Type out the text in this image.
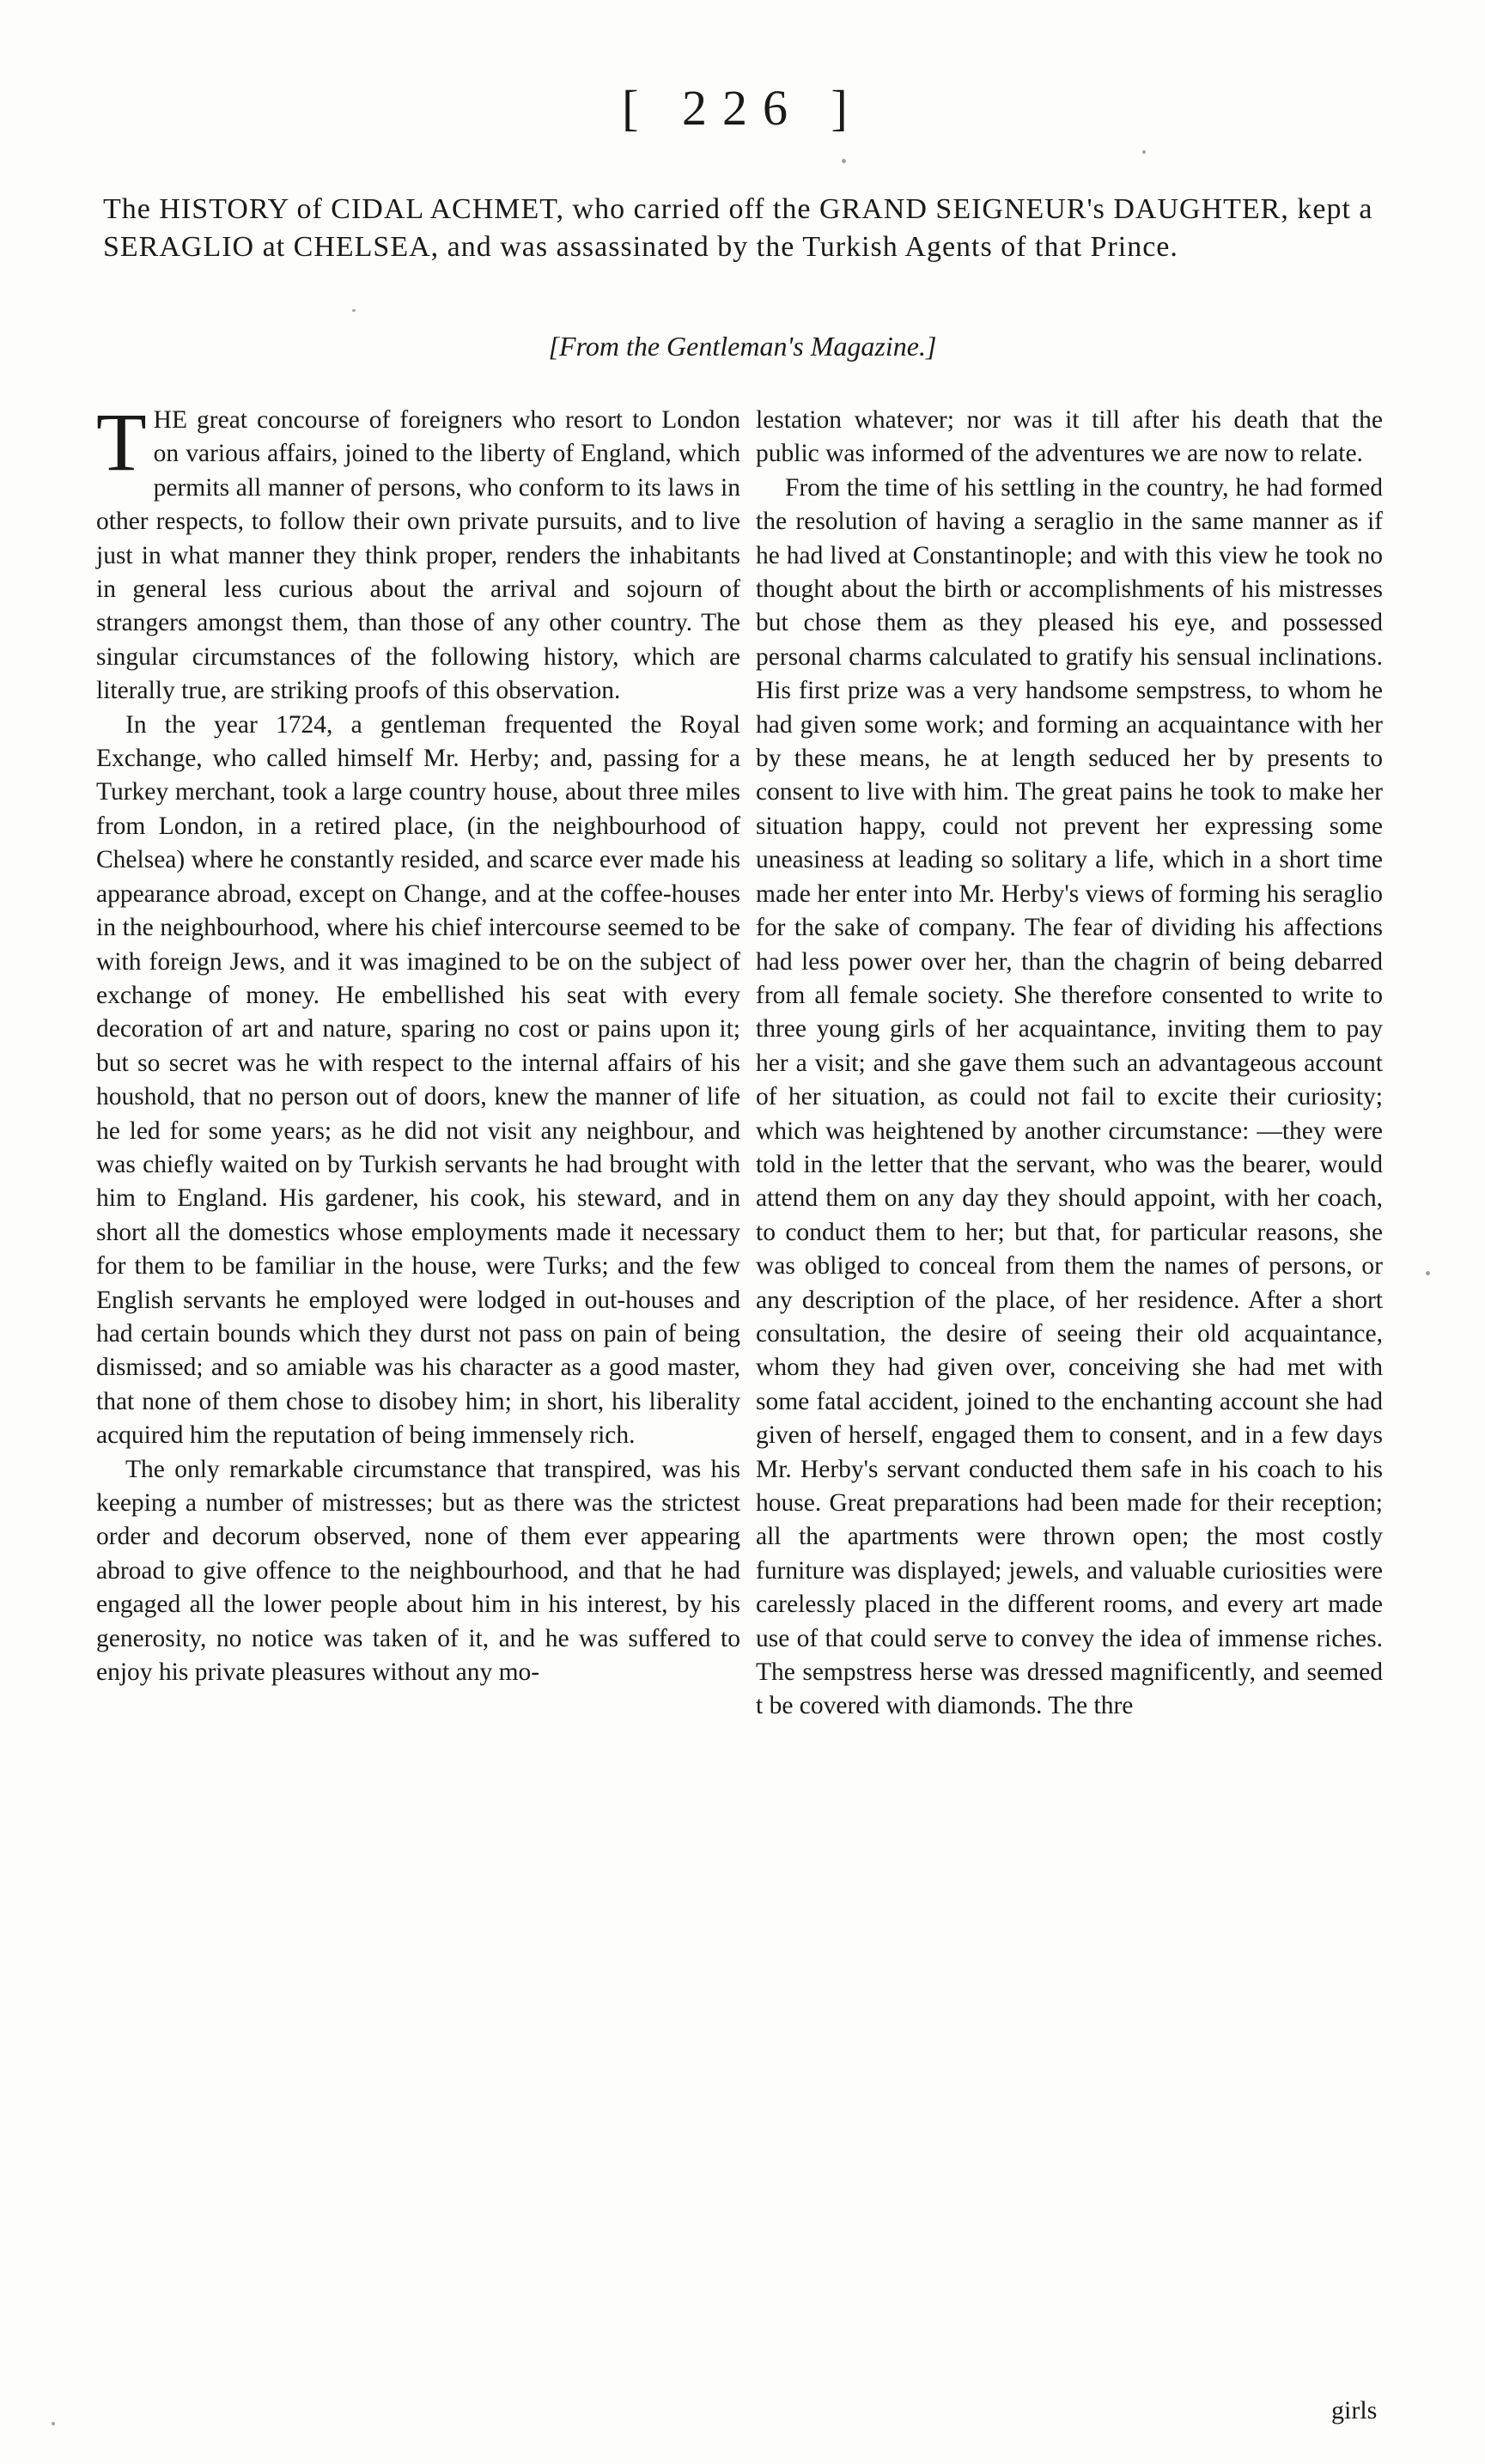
[ 226 ]
The HISTORY of CIDAL ACHMET, who carried off the GRAND SEIGNEUR's DAUGHTER, kept a SERAGLIO at CHELSEA, and was assassinated by the Turkish Agents of that Prince.
[From the Gentleman's Magazine.]

THE great concourse of foreigners who resort to London on various affairs, joined to the liberty of England, which permits all manner of persons, who conform to its laws in other respects, to follow their own private pursuits, and to live just in what manner they think proper, renders the inhabitants in general less curious about the arrival and sojourn of strangers amongst them, than those of any other country. The singular circumstances of the following history, which are literally true, are striking proofs of this observation.

In the year 1724, a gentleman frequented the Royal Exchange, who called himself Mr. Herby; and, passing for a Turkey merchant, took a large country house, about three miles from London, in a retired place, (in the neighbourhood of Chelsea) where he constantly resided, and scarce ever made his appearance abroad, except on Change, and at the coffee-houses in the neighbourhood, where his chief intercourse seemed to be with foreign Jews, and it was imagined to be on the subject of exchange of money. He embellished his seat with every decoration of art and nature, sparing no cost or pains upon it; but so secret was he with respect to the internal affairs of his houshold, that no person out of doors, knew the manner of life he led for some years; as he did not visit any neighbour, and was chiefly waited on by Turkish servants he had brought with him to England. His gardener, his cook, his steward, and in short all the domestics whose employments made it necessary for them to be familiar in the house, were Turks; and the few English servants he employed were lodged in out-houses and had certain bounds which they durst not pass on pain of being dismissed; and so amiable was his character as a good master, that none of them chose to disobey him; in short, his liberality acquired him the reputation of being immensely rich.

The only remarkable circumstance that transpired, was his keeping a number of mistresses; but as there was the strictest order and decorum observed, none of them ever appearing abroad to give offence to the neighbourhood, and that he had engaged all the lower people about him in his interest, by his generosity, no notice was taken of it, and he was suffered to enjoy his private pleasures without any mo-

lestation whatever; nor was it till after his death that the public was informed of the adventures we are now to relate.

From the time of his settling in the country, he had formed the resolution of having a seraglio in the same manner as if he had lived at Constantinople; and with this view he took no thought about the birth or accomplishments of his mistresses but chose them as they pleased his eye, and possessed personal charms calculated to gratify his sensual inclinations. His first prize was a very handsome sempstress, to whom he had given some work; and forming an acquaintance with her by these means, he at length seduced her by presents to consent to live with him. The great pains he took to make her situation happy, could not prevent her expressing some uneasiness at leading so solitary a life, which in a short time made her enter into Mr. Herby's views of forming his seraglio for the sake of company. The fear of dividing his affections had less power over her, than the chagrin of being debarred from all female society. She therefore consented to write to three young girls of her acquaintance, inviting them to pay her a visit; and she gave them such an advantageous account of her situation, as could not fail to excite their curiosity; which was heightened by another circumstance: —they were told in the letter that the servant, who was the bearer, would attend them on any day they should appoint, with her coach, to conduct them to her; but that, for particular reasons, she was obliged to conceal from them the names of persons, or any description of the place, of her residence. After a short consultation, the desire of seeing their old acquaintance, whom they had given over, conceiving she had met with some fatal accident, joined to the enchanting account she had given of herself, engaged them to consent, and in a few days Mr. Herby's servant conducted them safe in his coach to his house. Great preparations had been made for their reception; all the apartments were thrown open; the most costly furniture was displayed; jewels, and valuable curiosities were carelessly placed in the different rooms, and every art made use of that could serve to convey the idea of immense riches. The sempstress herse was dressed magnificently, and seemed t be covered with diamonds. The thre

girls
